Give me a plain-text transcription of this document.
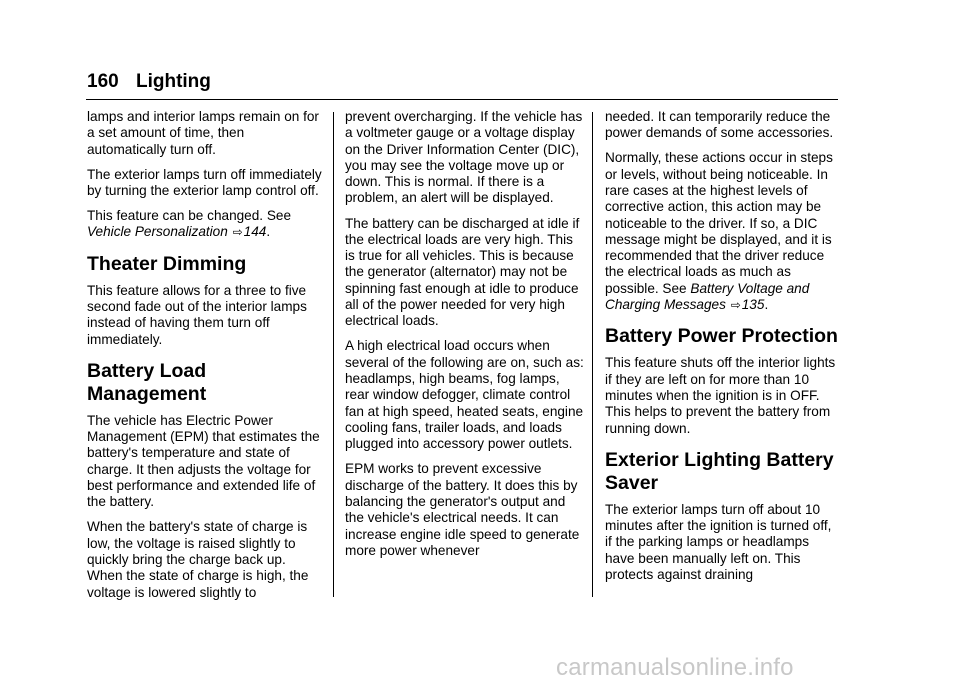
160 Lighting

lamps and interior lamps remain on for a set amount of time, then automatically turn off.

The exterior lamps turn off immediately by turning the exterior lamp control off.

This feature can be changed. See Vehicle Personalization ⇨144.

Theater Dimming

This feature allows for a three to five second fade out of the interior lamps instead of having them turn off immediately.

Battery Load Management

The vehicle has Electric Power Management (EPM) that estimates the battery's temperature and state of charge. It then adjusts the voltage for best performance and extended life of the battery.

When the battery's state of charge is low, the voltage is raised slightly to quickly bring the charge back up. When the state of charge is high, the voltage is lowered slightly to

prevent overcharging. If the vehicle has a voltmeter gauge or a voltage display on the Driver Information Center (DIC), you may see the voltage move up or down. This is normal. If there is a problem, an alert will be displayed.

The battery can be discharged at idle if the electrical loads are very high. This is true for all vehicles. This is because the generator (alternator) may not be spinning fast enough at idle to produce all of the power needed for very high electrical loads.

A high electrical load occurs when several of the following are on, such as: headlamps, high beams, fog lamps, rear window defogger, climate control fan at high speed, heated seats, engine cooling fans, trailer loads, and loads plugged into accessory power outlets.

EPM works to prevent excessive discharge of the battery. It does this by balancing the generator's output and the vehicle's electrical needs. It can increase engine idle speed to generate more power whenever

needed. It can temporarily reduce the power demands of some accessories.

Normally, these actions occur in steps or levels, without being noticeable. In rare cases at the highest levels of corrective action, this action may be noticeable to the driver. If so, a DIC message might be displayed, and it is recommended that the driver reduce the electrical loads as much as possible. See Battery Voltage and Charging Messages ⇨135.

Battery Power Protection

This feature shuts off the interior lights if they are left on for more than 10 minutes when the ignition is in OFF. This helps to prevent the battery from running down.

Exterior Lighting Battery Saver

The exterior lamps turn off about 10 minutes after the ignition is turned off, if the parking lamps or headlamps have been manually left on. This protects against draining

carmanualsonline.info
